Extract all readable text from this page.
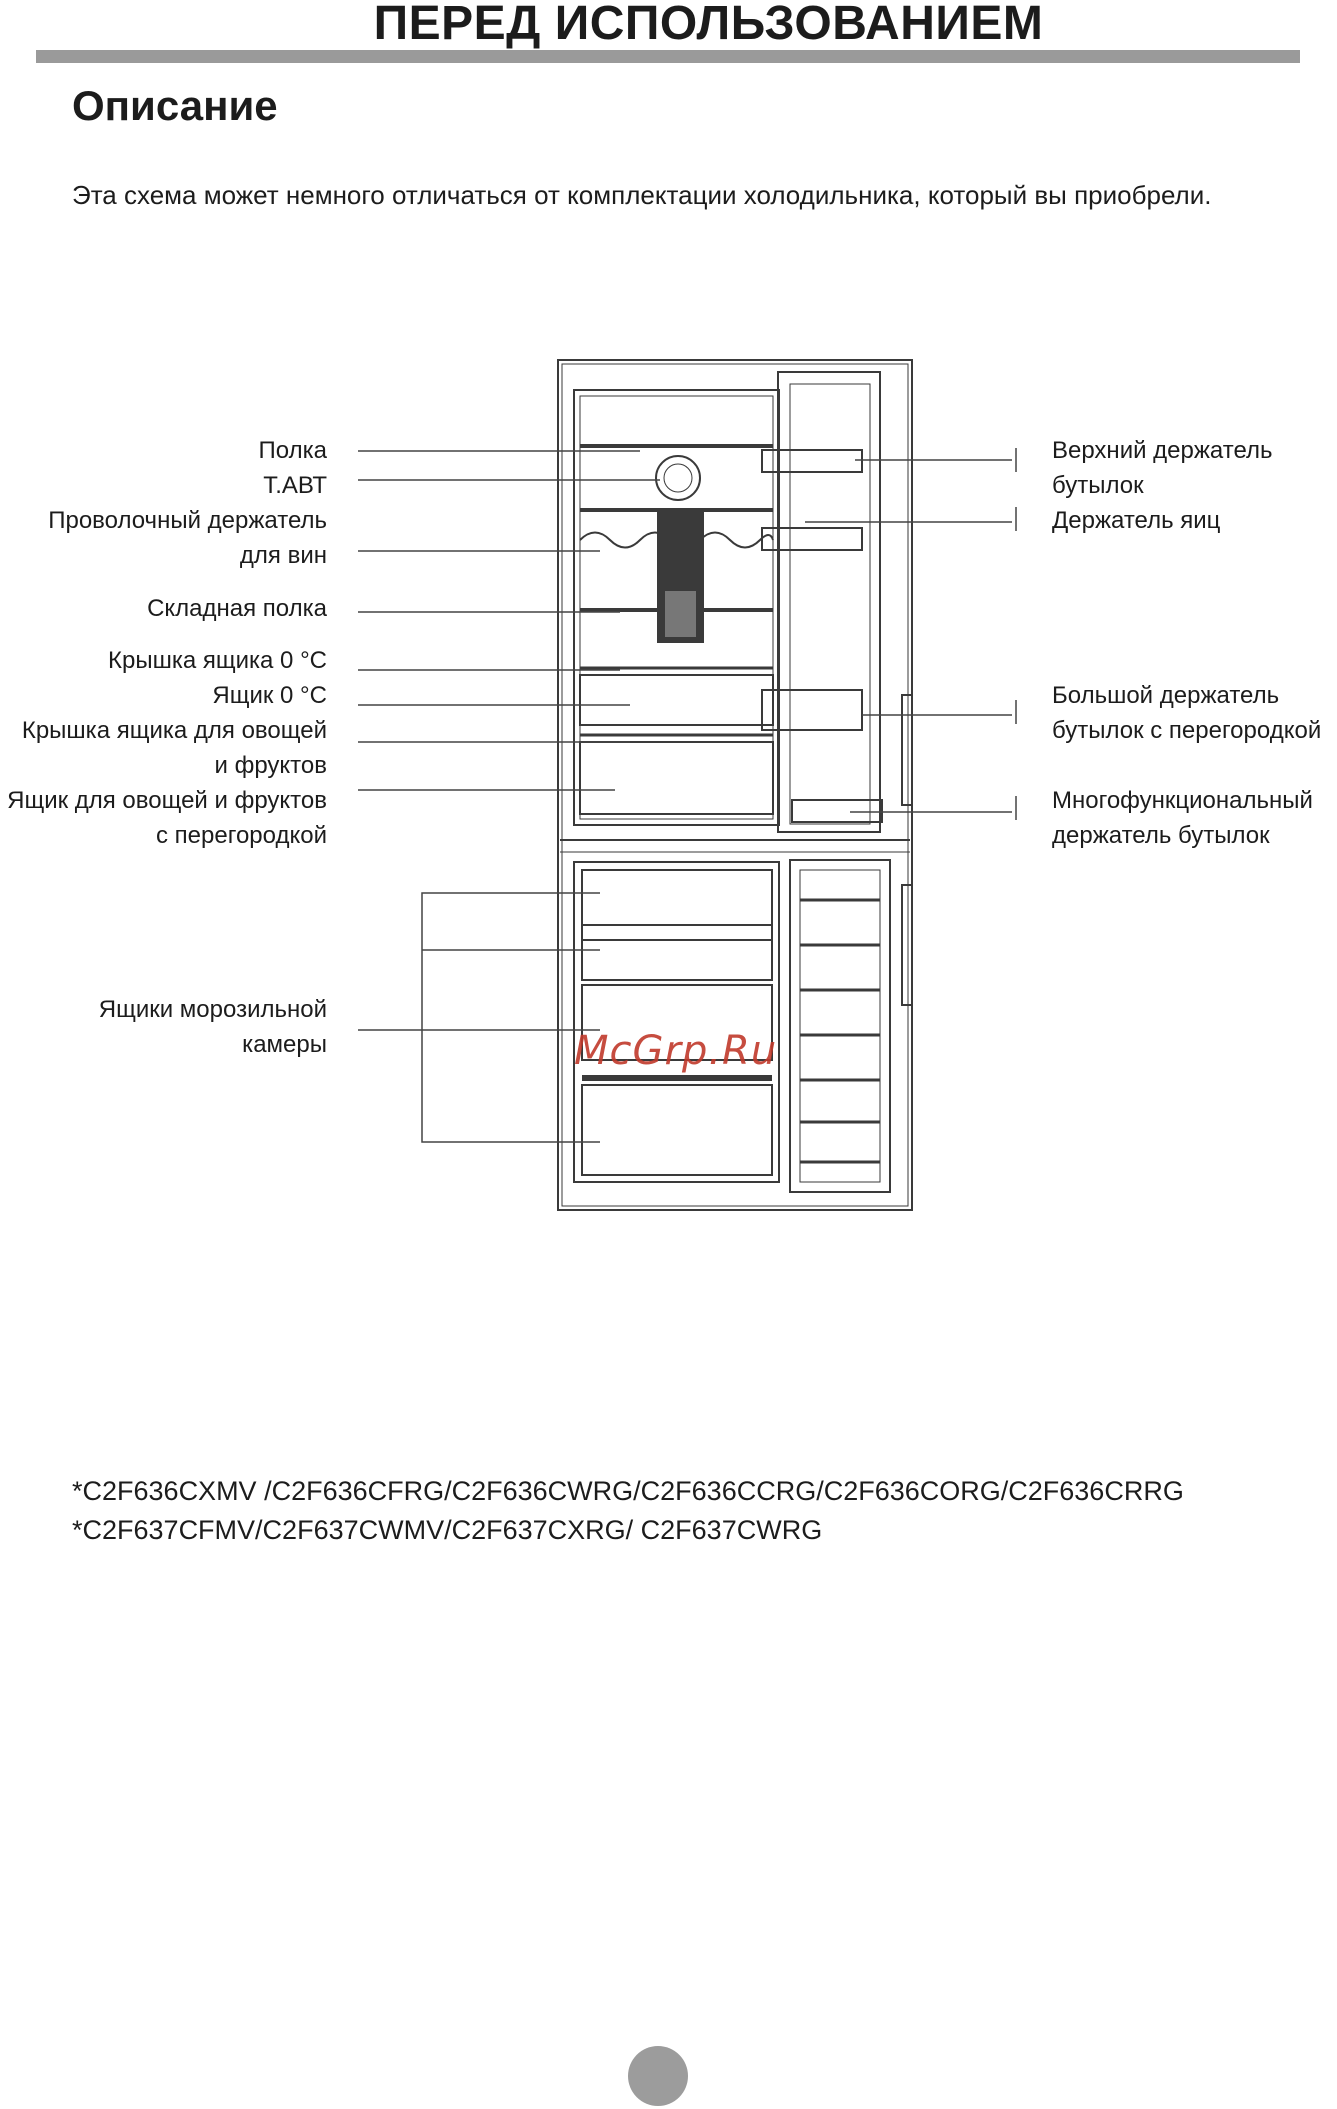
ПЕРЕД ИСПОЛЬЗОВАНИЕМ
Описание
Эта схема может немного отличаться от комплектации холодильника, который вы приобрели.
McGrp.Ru
Полка
Т.АВТ
Проволочный держатель
для вин
Складная полка
Крышка ящика 0 °С
Ящик 0 °С
Крышка ящика для овощей
и фруктов
Ящик для овощей и фруктов
с перегородкой
Ящики морозильной
камеры
Верхний держатель
бутылок
Держатель яиц
Большой держатель
бутылок с перегородкой
Многофункциональный
держатель бутылок
*C2F636CXMV /C2F636CFRG/C2F636CWRG/C2F636CCRG/C2F636CORG/C2F636CRRG
*C2F637CFMV/C2F637CWMV/C2F637CXRG/ C2F637CWRG
